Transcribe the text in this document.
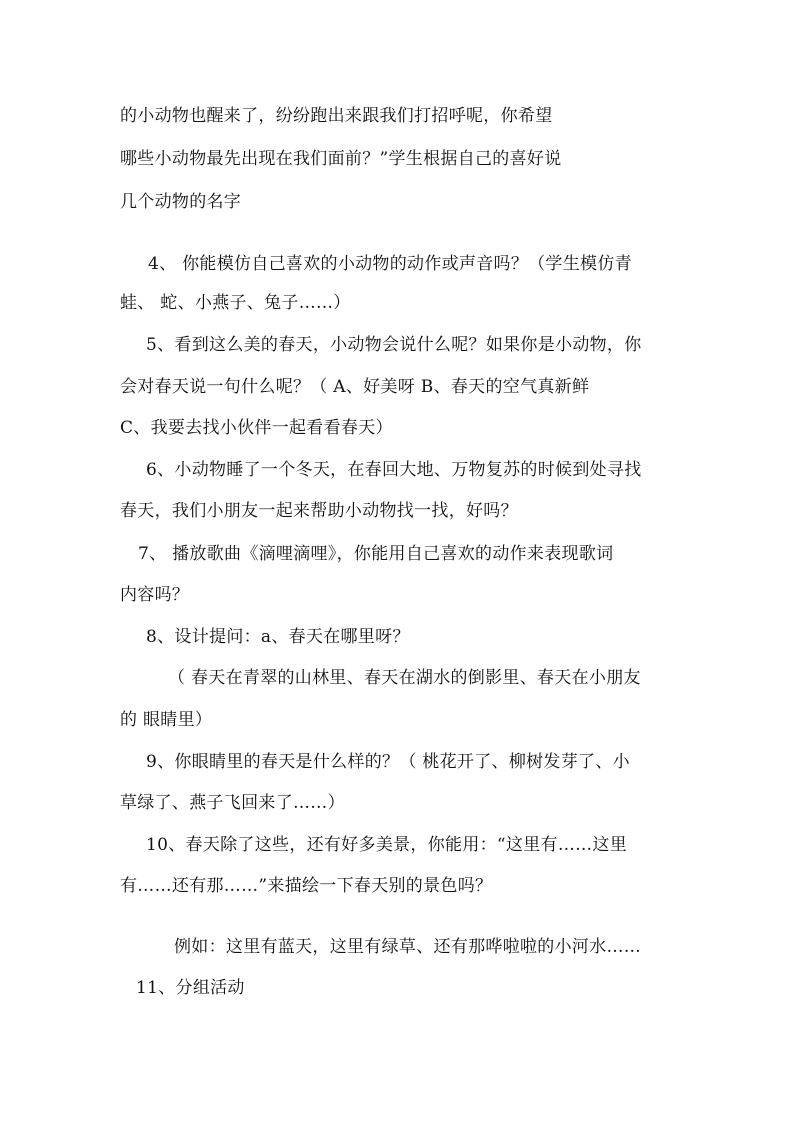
的小动物也醒来了，纷纷跑出来跟我们打招呼呢，你希望
哪些小动物最先出现在我们面前？”学生根据自己的喜好说
几个动物的名字
4、 你能模仿自己喜欢的小动物的动作或声音吗？（学生模仿青
蛙、 蛇、小燕子、兔子……）
5、看到这么美的春天，小动物会说什么呢？如果你是小动物，你
会对春天说一句什么呢？（ A、好美呀 B、春天的空气真新鲜
C、我要去找小伙伴一起看看春天）
6、小动物睡了一个冬天，在春回大地、万物复苏的时候到处寻找
春天，我们小朋友一起来帮助小动物找一找，好吗？
7、 播放歌曲《滴哩滴哩》，你能用自己喜欢的动作来表现歌词
内容吗？
8、设计提问：a、春天在哪里呀？
（ 春天在青翠的山林里、春天在湖水的倒影里、春天在小朋友
的 眼睛里）
9、你眼睛里的春天是什么样的？（ 桃花开了、柳树发芽了、小
草绿了、燕子飞回来了……）
10、春天除了这些，还有好多美景，你能用：“这里有……这里
有……还有那……”来描绘一下春天别的景色吗？
例如：这里有蓝天，这里有绿草、还有那哗啦啦的小河水……
11、分组活动
